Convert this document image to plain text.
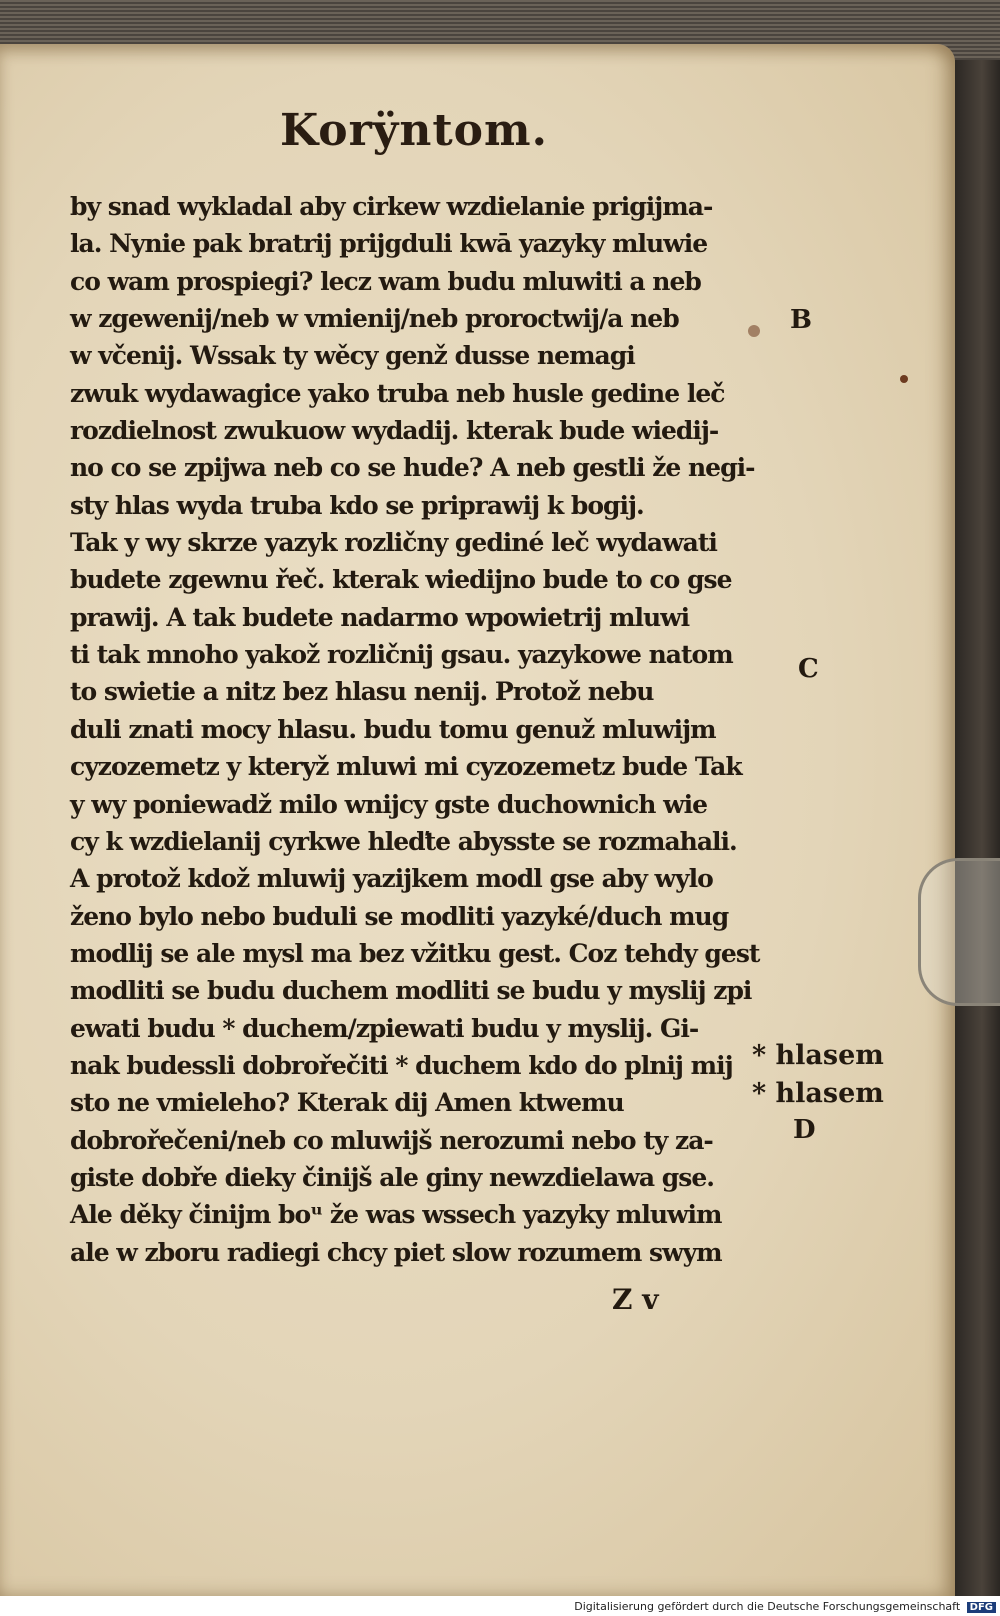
Korÿntom.
by snad wykladal aby cirkew wzdielanie prigijma-
la. Nynie pak bratrij prijgduli kwā yazyky mluwie
co wam prospiegi? lecz wam budu mluwiti a neb
w zgewenij/neb w vmienij/neb proroctwij/a neb
w včenij. Wssak ty wěcy genž dusse nemagi
zwuk wydawagice yako truba neb husle gedine leč
rozdielnost zwukuow wydadij. kterak bude wiedij-
no co se zpijwa neb co se hude? A neb gestli že negi-
sty hlas wyda truba kdo se priprawij k bogij.
Tak y wy skrze yazyk rozličny gediné leč wydawati
budete zgewnu řeč. kterak wiedijno bude to co gse
prawij. A tak budete nadarmo wpowietrij mluwi
ti tak mnoho yakož rozličnij gsau. yazykowe natom
to swietie a nitz bez hlasu nenij. Protož nebu
duli znati mocy hlasu. budu tomu genuž mluwijm
cyzozemetz y kteryž mluwi mi cyzozemetz bude Tak
y wy poniewadž milo wnijcy gste duchownich wie
cy k wzdielanij cyrkwe hleďte abysste se rozmahali.
A protož kdož mluwij yazijkem modl gse aby wylo
ženo bylo nebo buduli se modliti yazyké/duch mug
modlij se ale mysl ma bez vžitku gest. Coz tehdy gest
modliti se budu duchem modliti se budu y myslij zpi
ewati budu * duchem/zpiewati budu y myslij. Gi-
nak budessli dobrořečiti * duchem kdo do plnij mij
sto ne vmieleho? Kterak dij Amen ktwemu
dobrořečeni/neb co mluwijš nerozumi nebo ty za-
giste dobře dieky činijš ale giny newzdielawa gse.
Ale děky činijm boᵘ že was wssech yazyky mluwim
ale w zboru radiegi chcy piet slow rozumem swym
B
C
D
* hlasem
* hlasem
Z v
Digitalisierung gefördert durch die Deutsche Forschungsgemeinschaft DFG
